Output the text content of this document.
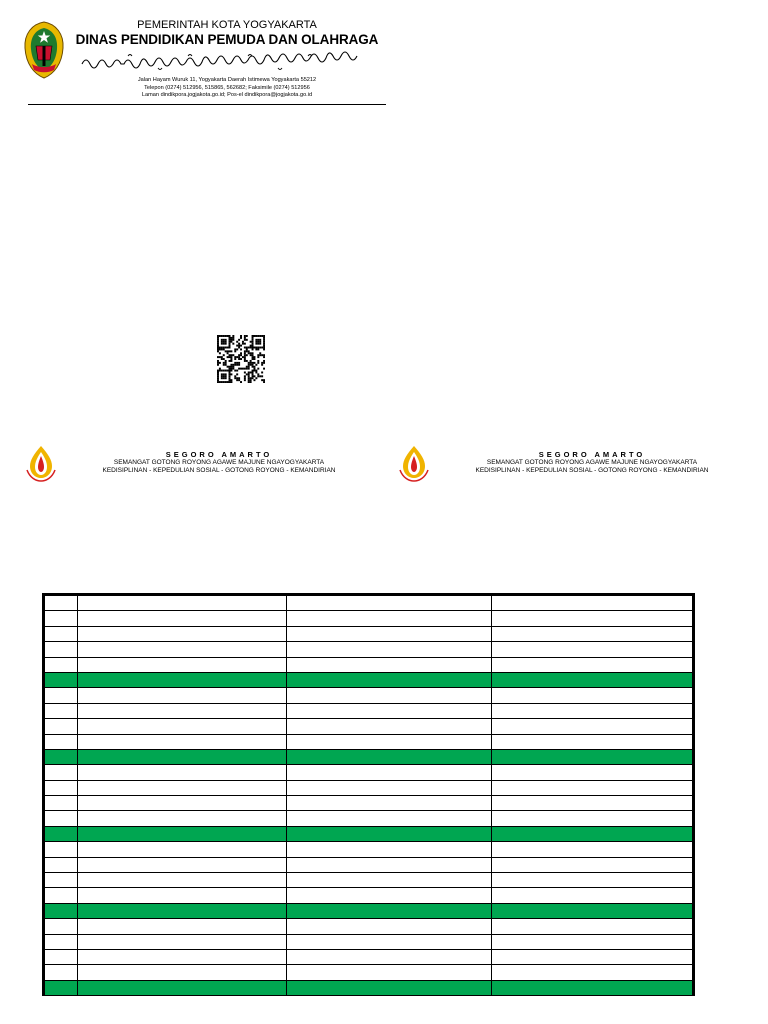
PEMERINTAH KOTA YOGYAKARTA
DINAS PENDIDIKAN PEMUDA DAN OLAHRAGA
Jalan Hayam Wuruk 11, Yogyakarta Daerah Istimewa Yogyakarta 55212
Telepon (0274) 512956, 515865, 562682; Faksimile (0274) 512956
Laman dindikpora.jogjakota.go.id; Pos-el dindikpora@jogjakota.go.id
SEGORO AMARTO
SEMANGAT GOTONG ROYONG AGAWE MAJUNE NGAYOGYAKARTA
KEDISIPLINAN - KEPEDULIAN SOSIAL - GOTONG ROYONG - KEMANDIRIAN
SEGORO AMARTO
SEMANGAT GOTONG ROYONG AGAWE MAJUNE NGAYOGYAKARTA
KEDISIPLINAN - KEPEDULIAN SOSIAL - GOTONG ROYONG - KEMANDIRIAN
